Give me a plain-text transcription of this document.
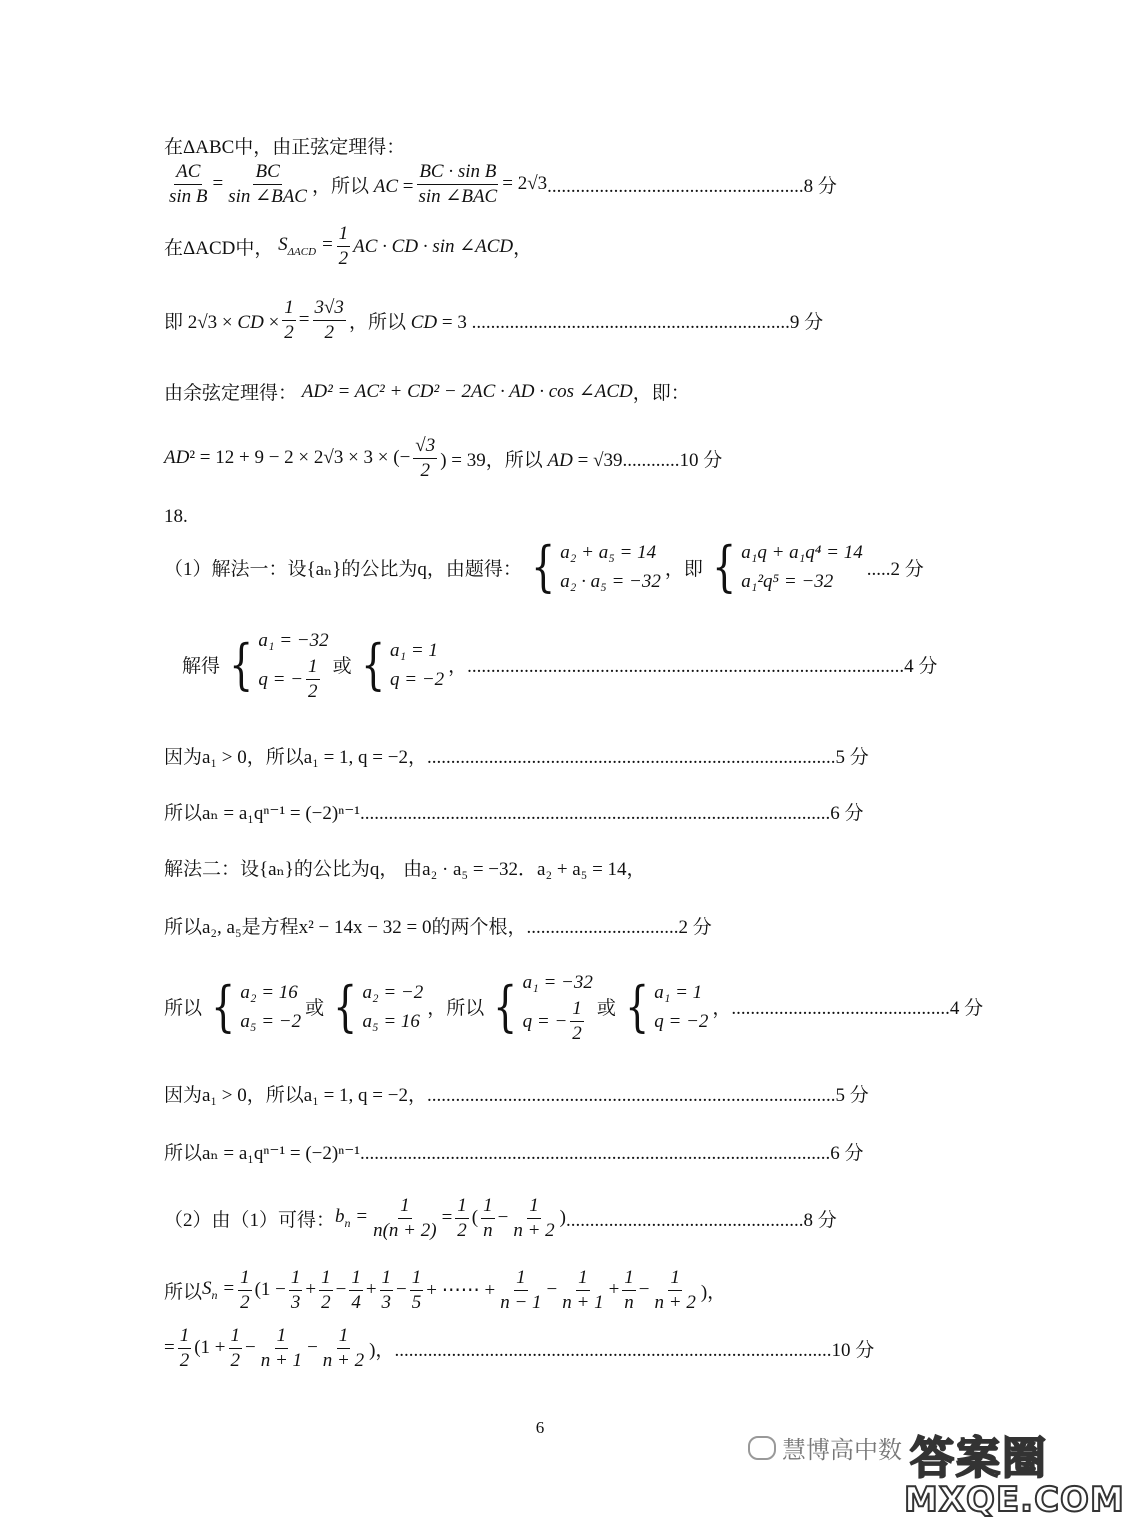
在ΔABC中，由正弦定理得：
$\frac{AC}{\text{sin B}} = \frac{BC}{\text{sin ∠BAC}}$ ，所以 AC = $\frac{\text{BC · sin B}}{\text{sin ∠BAC}} = 2√3$ ......................................................8 分
在ΔACD中， $S_{\Delta ACD} = \frac{1}{2}$ AC · CD · sin ∠ACD ，
即 2√3 × CD × $\frac{1}{2} = \frac{3√3}{2}$ ，所以 CD = 3 . ..................................................................9 分
由余弦定理得： AD² = AC² + CD² − 2AC · AD · cos ∠ACD ，即：
AD² = 12 + 9 − 2 × 2√3 × 3 × (− $\frac{√3}{2}$ ) = 39，所以 AD = √39 ............10 分
18.
（1）解法一：设{aₙ}的公比为q，由题得： { a₂ + a₅ = 14
a₂ · a₅ = −32
，即 { a₁q + a₁q⁴ = 14
a₁²q⁵ = −32
.....2 分
解得 { a₁ = −32
q = − $\frac{1}{2}$ 或 { a₁ = 1
q = −2
， ............................................................................................4 分
因为a₁ > 0，所以a₁ = 1, q = −2， ......................................................................................5 分
所以aₙ = a₁qⁿ⁻¹ = (−2)ⁿ⁻¹ ...................................................................................................6 分
解法二：设{aₙ}的公比为q， 由a₂ · a₅ = −32．a₂ + a₅ = 14，
所以a₂, a₅是方程x² − 14x − 32 = 0的两个根， ................................2 分
所以 { a₂ = 16
a₅ = −2
或 { a₂ = −2
a₅ = 16
，所以 { a₁ = −32
q = − $\frac{1}{2}$ 或 { a₁ = 1
q = −2
， ..............................................4 分
因为a₁ > 0，所以a₁ = 1, q = −2， ......................................................................................5 分
所以aₙ = a₁qⁿ⁻¹ = (−2)ⁿ⁻¹ ...................................................................................................6 分
（2）由（1）可得： $b_n = \frac{1}{n(n + 2)} = \frac{1}{2}$ ( $\frac{1}{n} - \frac{1}{n + 2}$ ) ..................................................8 分
所以 $S_n = \frac{1}{2} (1 - \frac{1}{3} + \frac{1}{2} - \frac{1}{4} + \frac{1}{3} - \frac{1}{5}$ + ⋯⋯ + $\frac{1}{n - 1} - \frac{1}{n + 1} + \frac{1}{n} - \frac{1}{n + 2}$ )，
= $\frac{1}{2} (1 + \frac{1}{2} - \frac{1}{n + 1} - \frac{1}{n + 2}$ )， ............................................................................................10 分
6
慧博高中数 答案圈
MXQE.COM
